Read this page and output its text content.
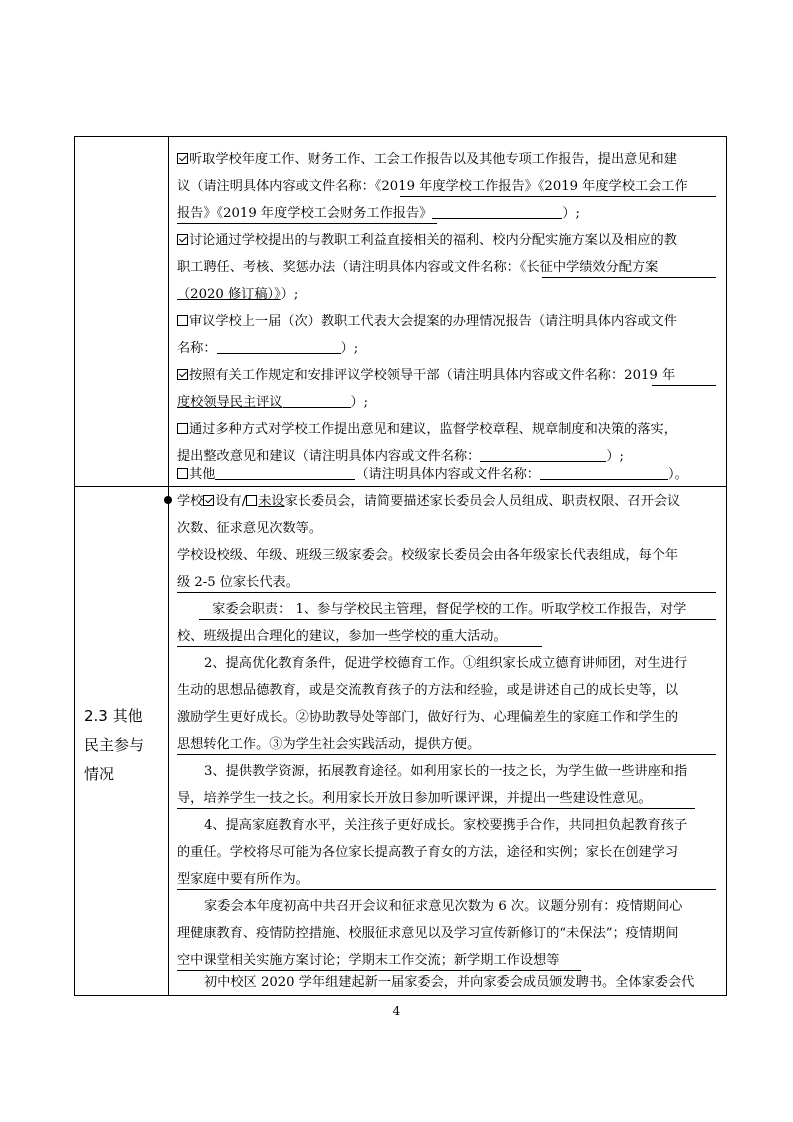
听取学校年度工作、财务工作、工会工作报告以及其他专项工作报告，提出意见和建
议（请注明具体内容或文件名称：《2019 年度学校工作报告》《2019 年度学校工会工作
报告》《2019 年度学校工会财务工作报告》	）;
讨论通过学校提出的与教职工利益直接相关的福利、校内分配实施方案以及相应的教
职工聘任、考核、奖惩办法（请注明具体内容或文件名称：《长征中学绩效分配方案
（2020 修订稿）》）;
审议学校上一届（次）教职工代表大会提案的办理情况报告（请注明具体内容或文件
名称：	）;
按照有关工作规定和安排评议学校领导干部（请注明具体内容或文件名称：2019 年
度校领导民主评议	）;
通过多种方式对学校工作提出意见和建议，监督学校章程、规章制度和决策的落实，
提出整改意见和建议（请注明具体内容或文件名称：	）;
其他	（请注明具体内容或文件名称：	）。
2.3 其他
民主参与
情况
学校 设有/ 未设家长委员会，请简要描述家长委员会人员组成、职责权限、召开会议
次数、征求意见次数等。
学校设校级、年级、班级三级家委会。校级家长委员会由各年级家长代表组成，每个年
级 2-5 位家长代表。
　家委会职责： 1、参与学校民主管理，督促学校的工作。听取学校工作报告，对学
校、班级提出合理化的建议，参加一些学校的重大活动。
2、提高优化教育条件，促进学校德育工作。①组织家长成立德育讲师团，对生进行
生动的思想品德教育，或是交流教育孩子的方法和经验，或是讲述自己的成长史等，以
激励学生更好成长。②协助教导处等部门，做好行为、心理偏差生的家庭工作和学生的
思想转化工作。③为学生社会实践活动，提供方便。
3、提供教学资源，拓展教育途径。如利用家长的一技之长，为学生做一些讲座和指
导，培养学生一技之长。利用家长开放日参加听课评课，并提出一些建设性意见。
4、提高家庭教育水平，关注孩子更好成长。家校要携手合作，共同担负起教育孩子
的重任。学校将尽可能为各位家长提高教子育女的方法，途径和实例；家长在创建学习
型家庭中要有所作为。
家委会本年度初高中共召开会议和征求意见次数为 6 次。议题分别有：疫情期间心
理健康教育、疫情防控措施、校服征求意见以及学习宣传新修订的“未保法”；疫情期间
空中课堂相关实施方案讨论；学期末工作交流；新学期工作设想等
初中校区 2020 学年组建起新一届家委会，并向家委会成员颁发聘书。全体家委会代
4
